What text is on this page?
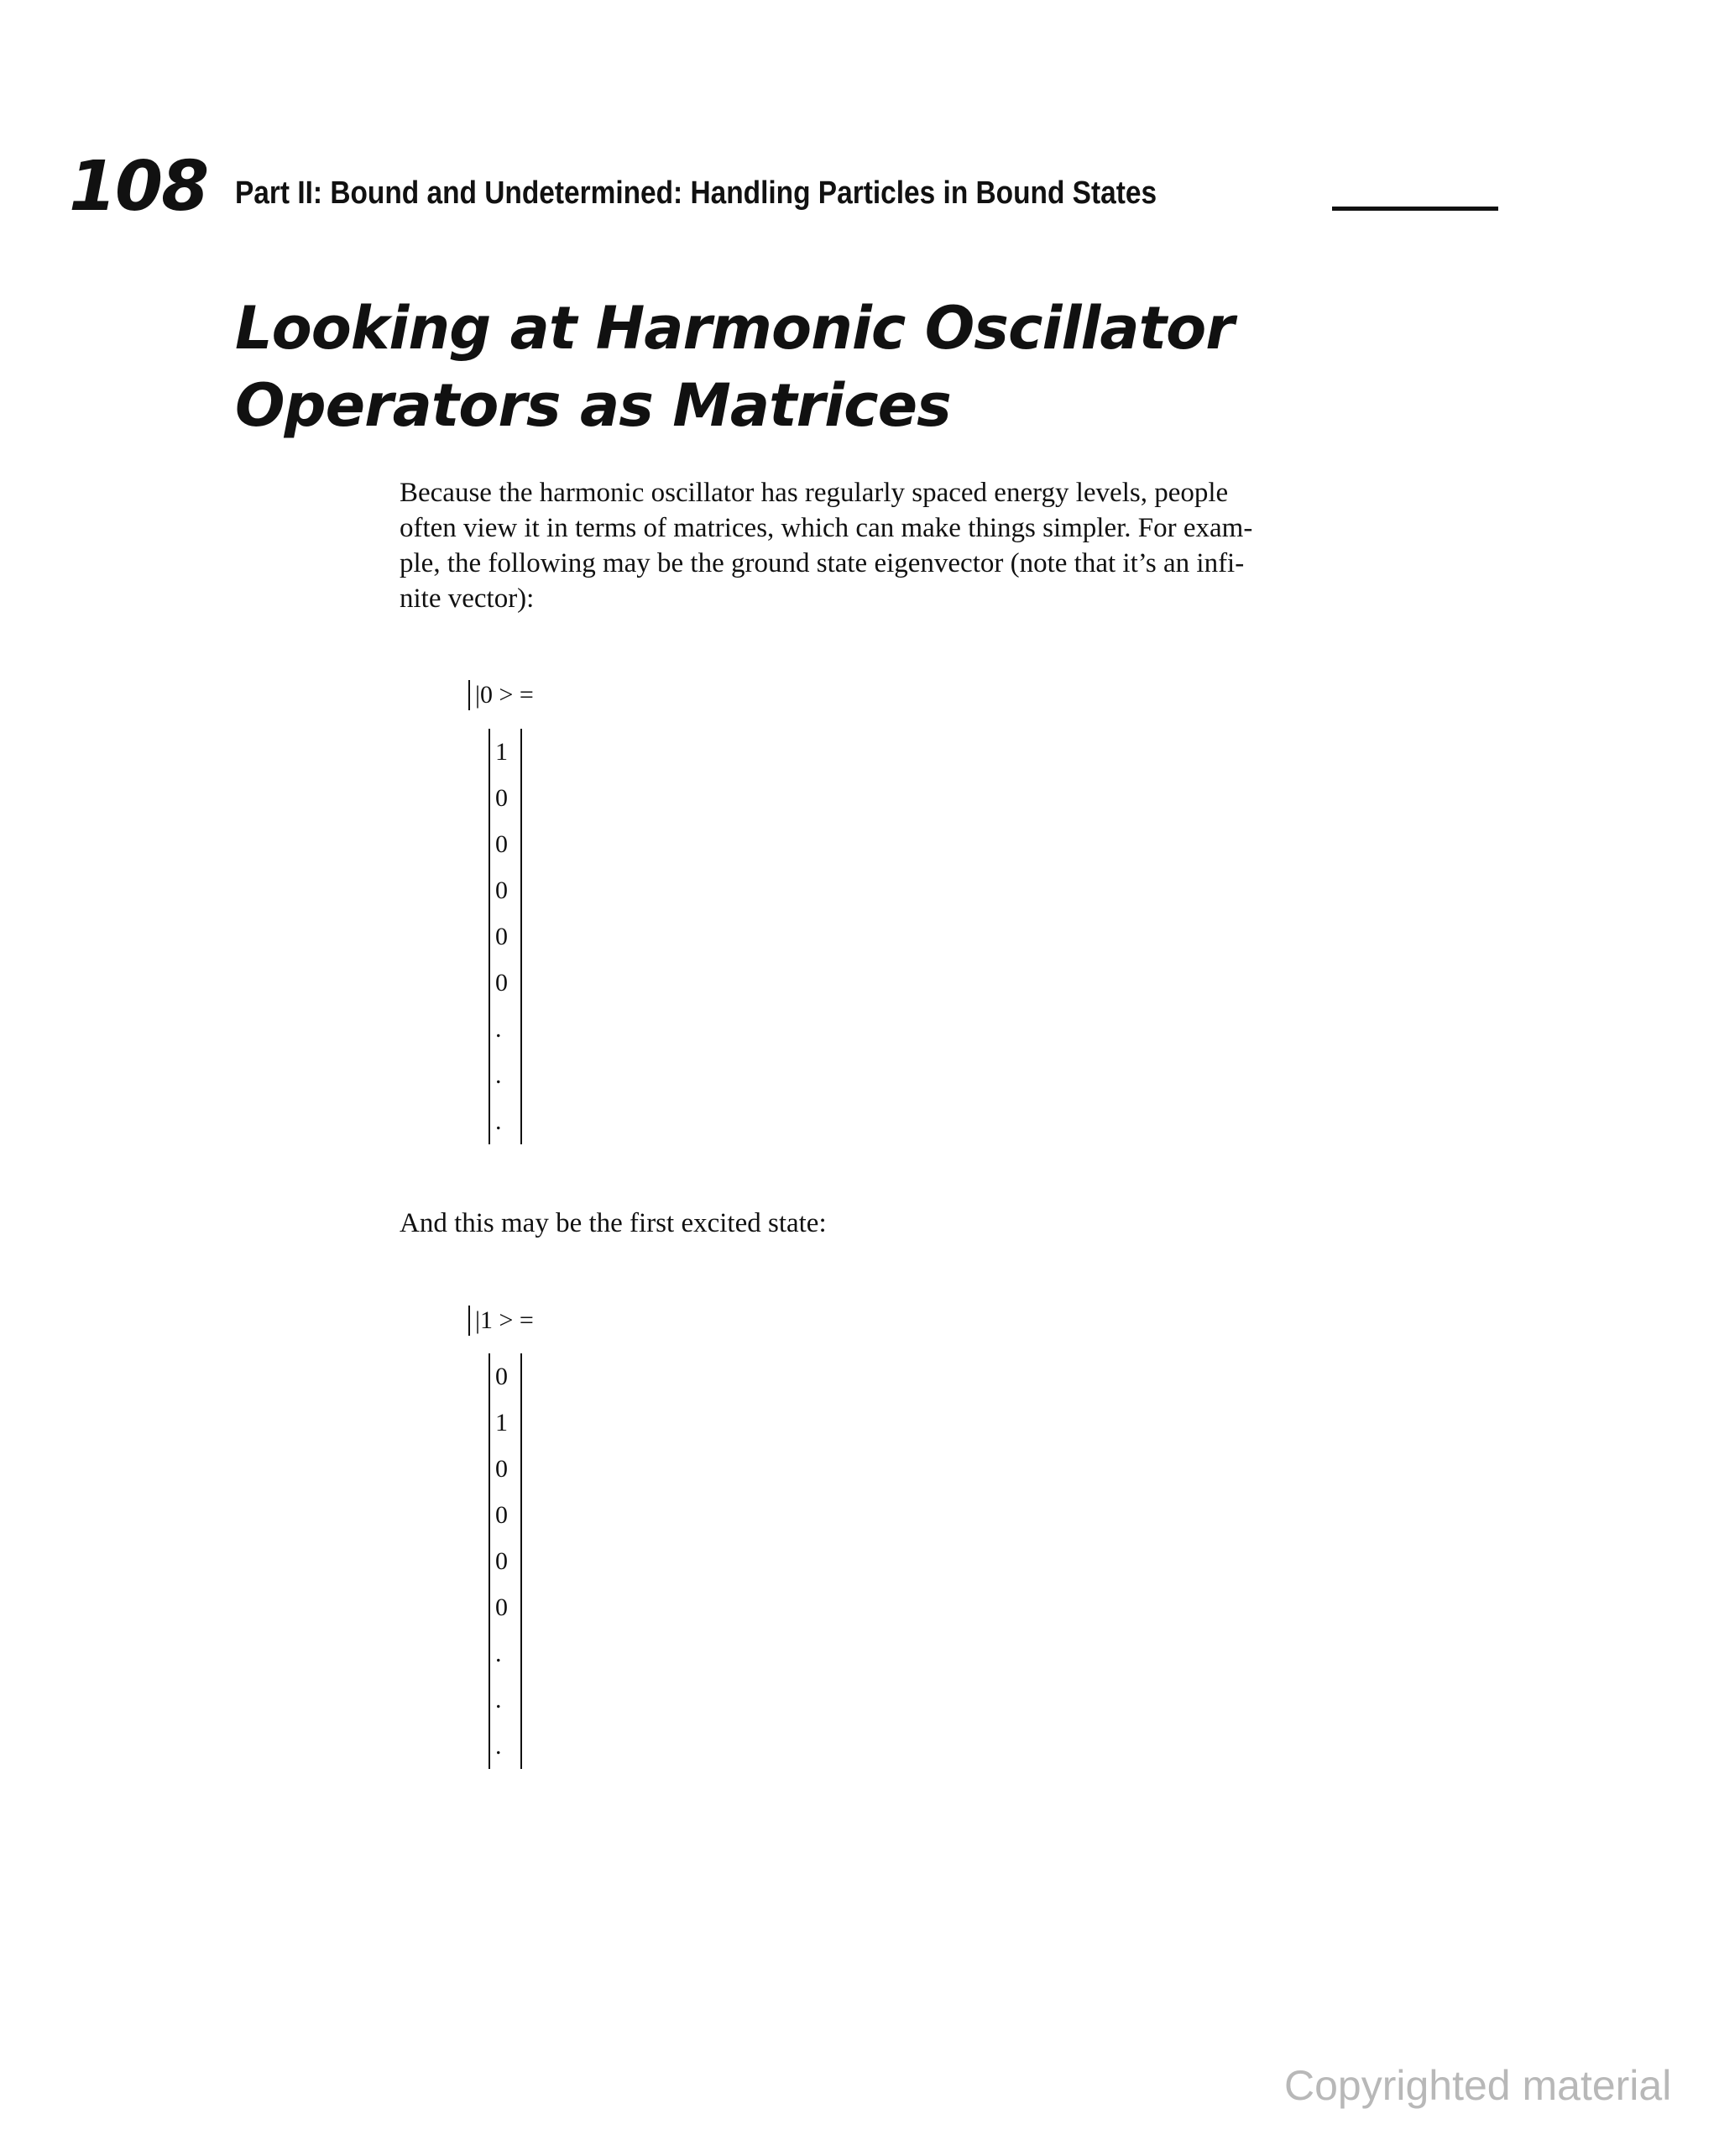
108 Part II: Bound and Undetermined: Handling Particles in Bound States
Looking at Harmonic Oscillator
Operators as Matrices

Because the harmonic oscillator has regularly spaced energy levels, people
often view it in terms of matrices, which can make things simpler. For exam-
ple, the following may be the ground state eigenvector (note that it’s an infi-
nite vector):

|0 > =
1
0
0
0
0
0
.
.
.

And this may be the first excited state:

|1 > =
0
1
0
0
0
0
.
.
.
Copyrighted material
